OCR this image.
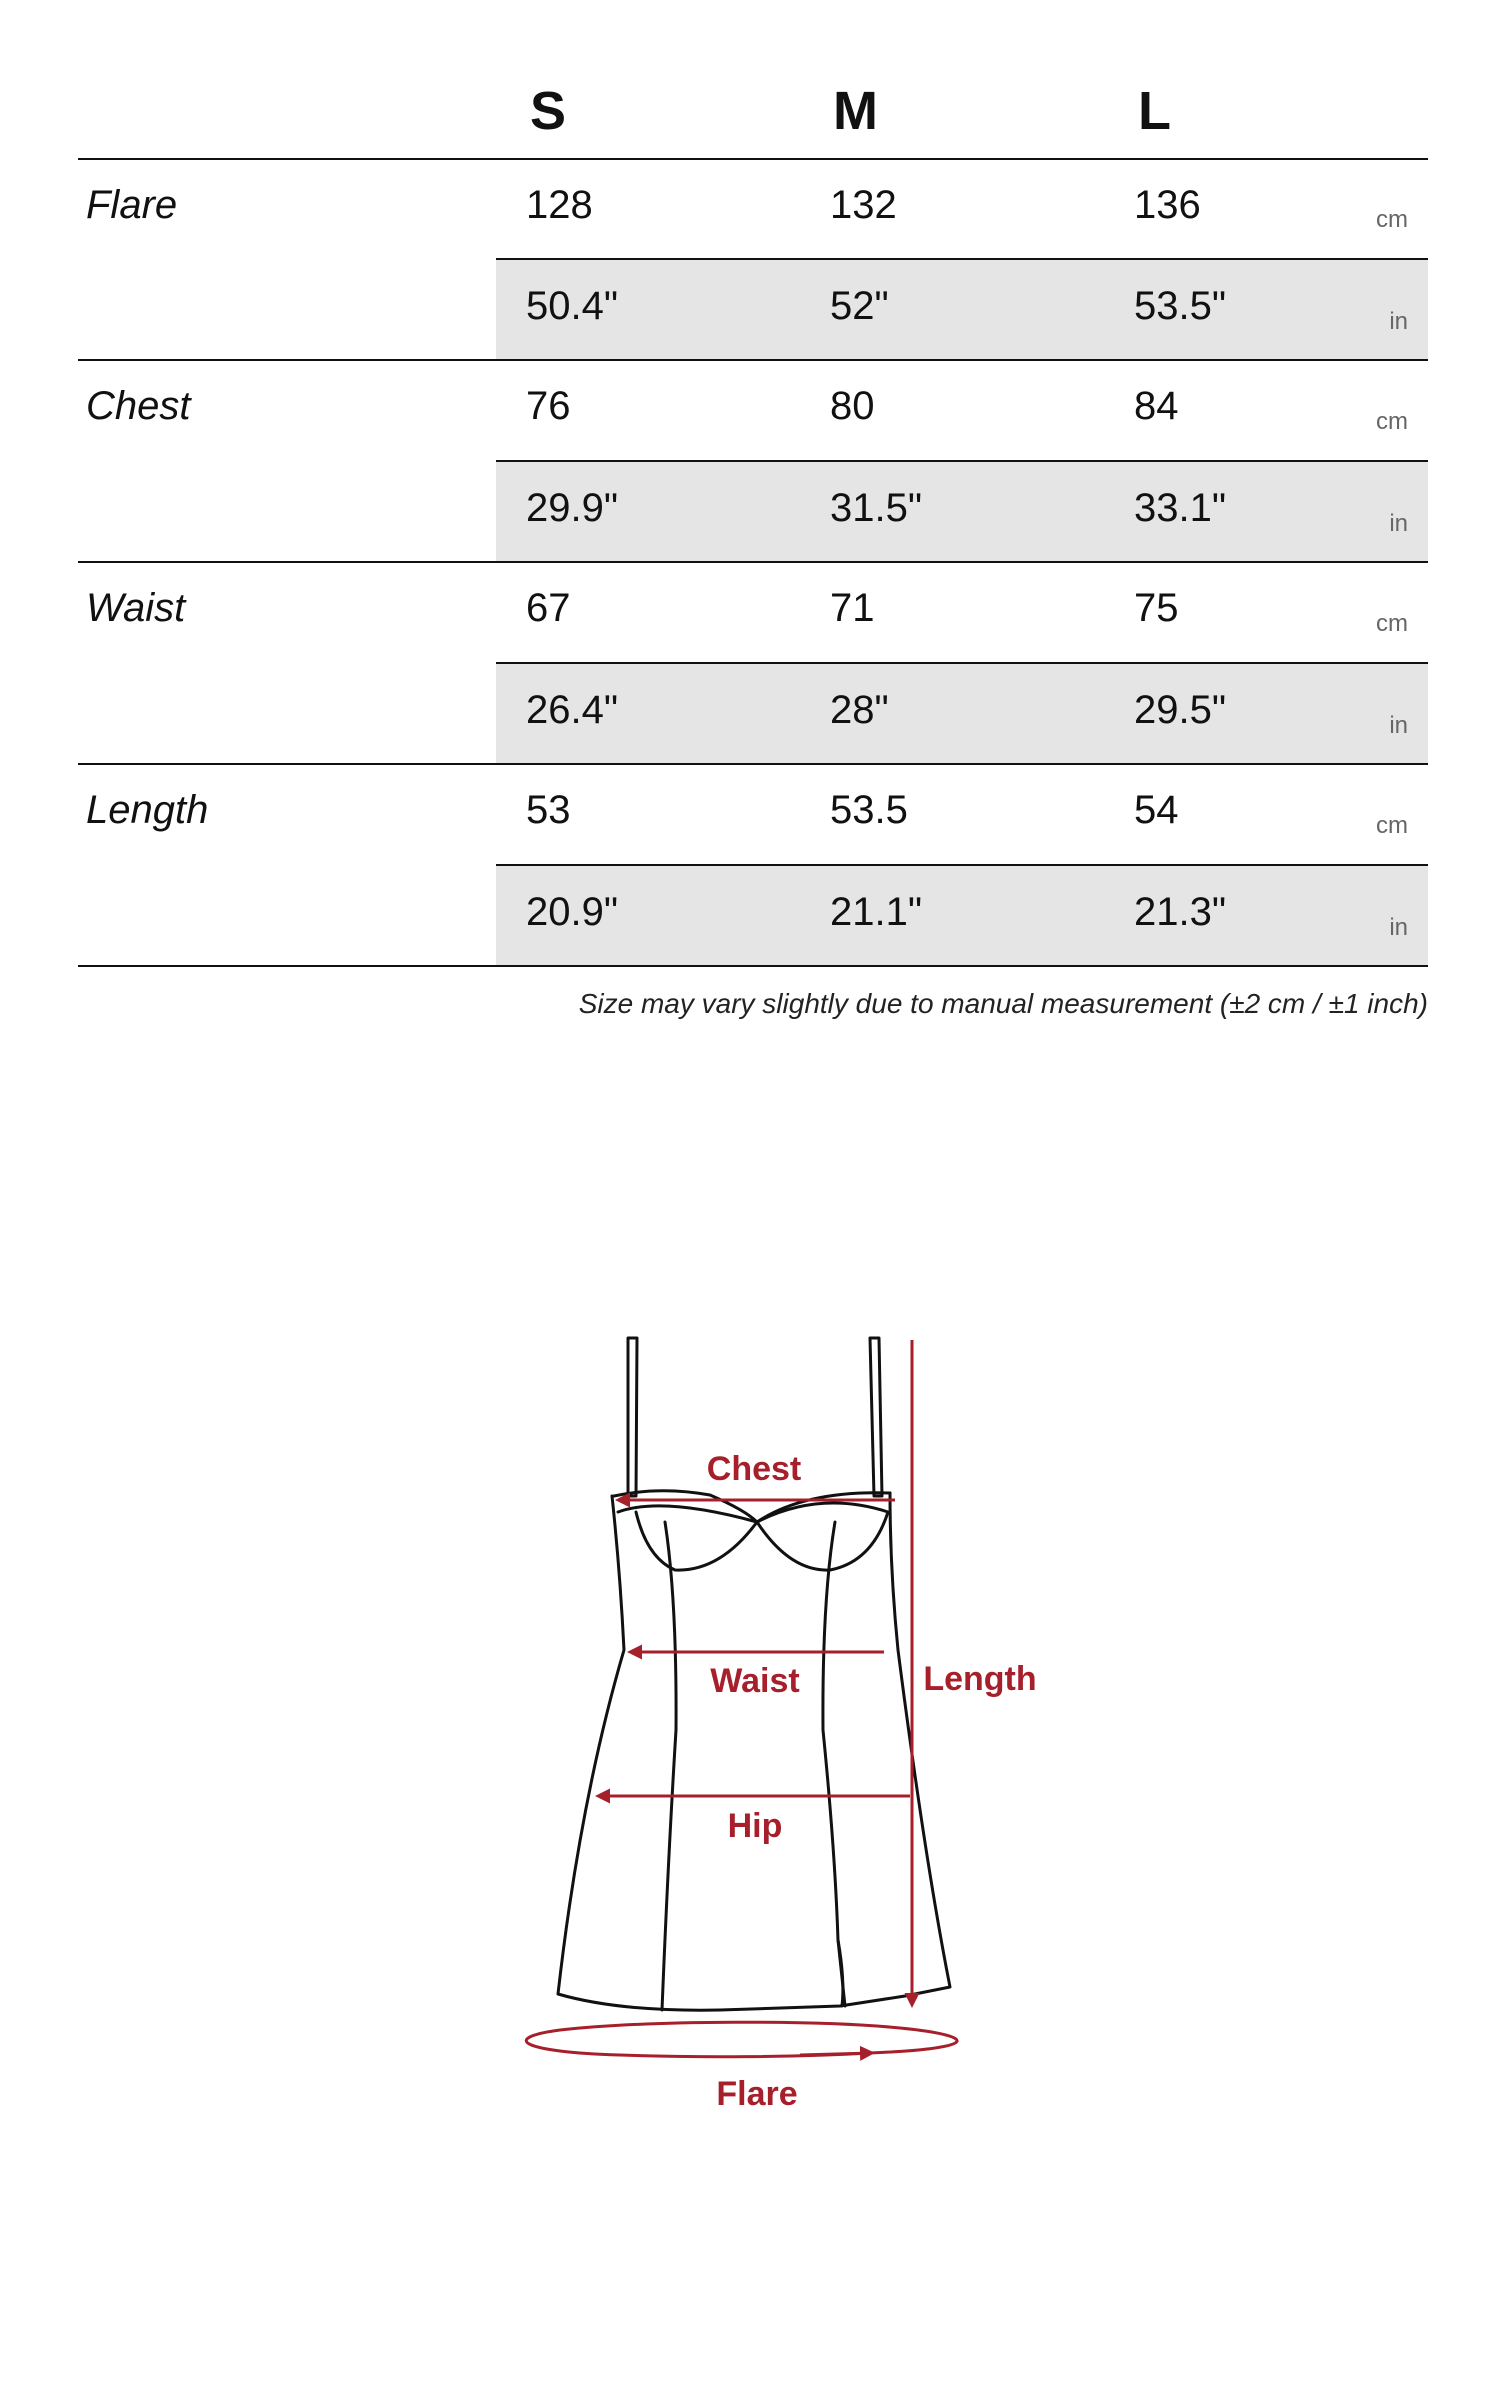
S	M	L
Flare	128	132	136	cm
50.4"	52"	53.5"	in
Chest	76	80	84	cm
29.9"	31.5"	33.1"	in
Waist	67	71	75	cm
26.4"	28"	29.5"	in
Length	53	53.5	54	cm
20.9"	21.1"	21.3"	in
Size may vary slightly due to manual measurement (±2 cm / ±1 inch)
Chest
Waist
Hip
Length
Flare
